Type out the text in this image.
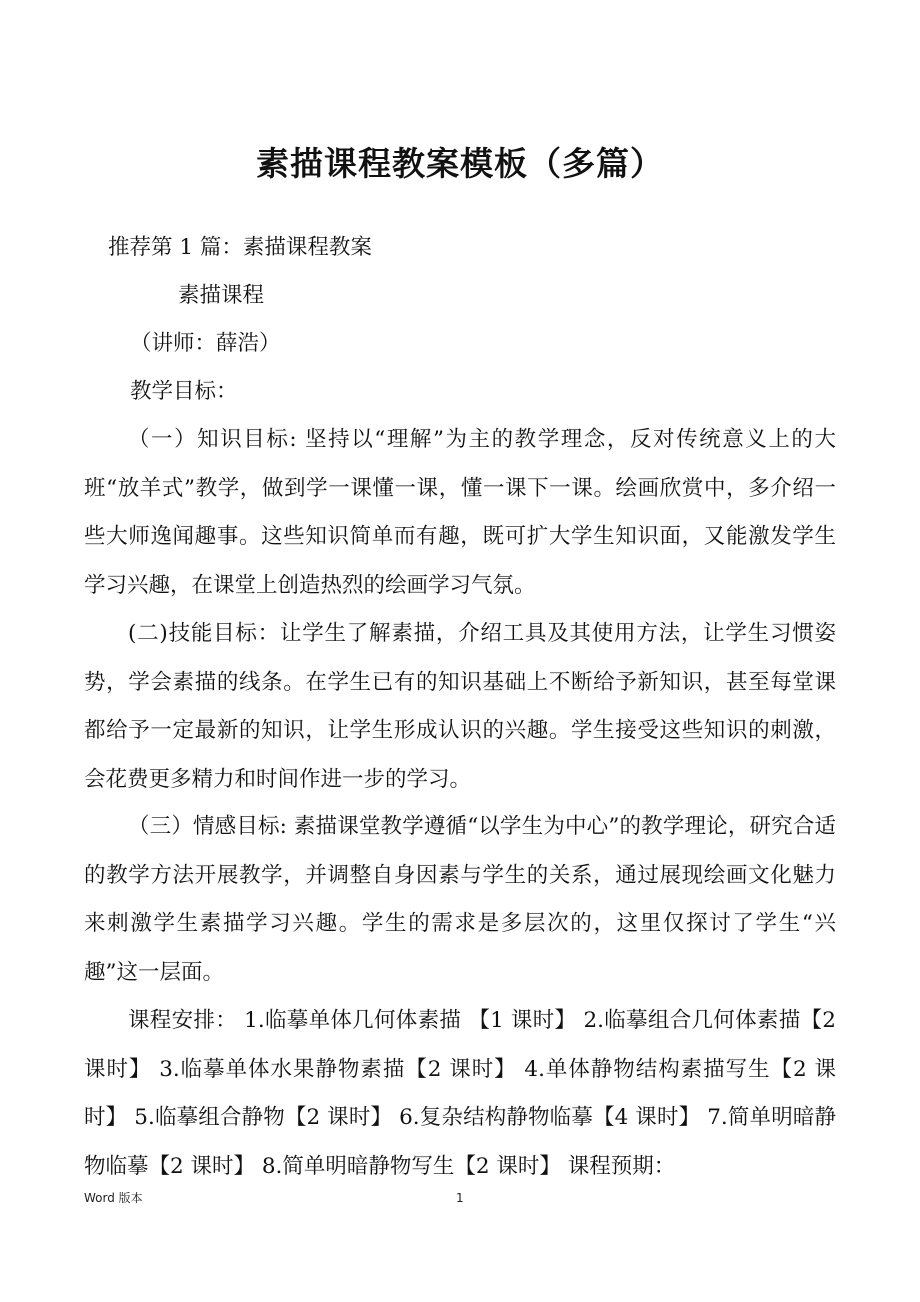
素描课程教案模板（多篇）
推荐第 1 篇：素描课程教案
素描课程
（讲师：薛浩）
教学目标：
（一）知识目标: 坚持以“理解”为主的教学理念，反对传统意义上的大班“放羊式”教学，做到学一课懂一课，懂一课下一课。绘画欣赏中，多介绍一些大师逸闻趣事。这些知识简单而有趣，既可扩大学生知识面，又能激发学生学习兴趣，在课堂上创造热烈的绘画学习气氛。
(二)技能目标：让学生了解素描，介绍工具及其使用方法，让学生习惯姿势，学会素描的线条。在学生已有的知识基础上不断给予新知识，甚至每堂课都给予一定最新的知识，让学生形成认识的兴趣。学生接受这些知识的刺激，会花费更多精力和时间作进一步的学习。
（三）情感目标: 素描课堂教学遵循“以学生为中心”的教学理论，研究合适的教学方法开展教学，并调整自身因素与学生的关系，通过展现绘画文化魅力来刺激学生素描学习兴趣。学生的需求是多层次的，这里仅探讨了学生“兴趣”这一层面。
课程安排： 1.临摹单体几何体素描 【1 课时】 2.临摹组合几何体素描【2 课时】 3.临摹单体水果静物素描【2 课时】 4.单体静物结构素描写生【2 课时】 5.临摹组合静物【2 课时】 6.复杂结构静物临摹【4 课时】 7.简单明暗静物临摹【2 课时】 8.简单明暗静物写生【2 课时】 课程预期：
Word 版本	1
